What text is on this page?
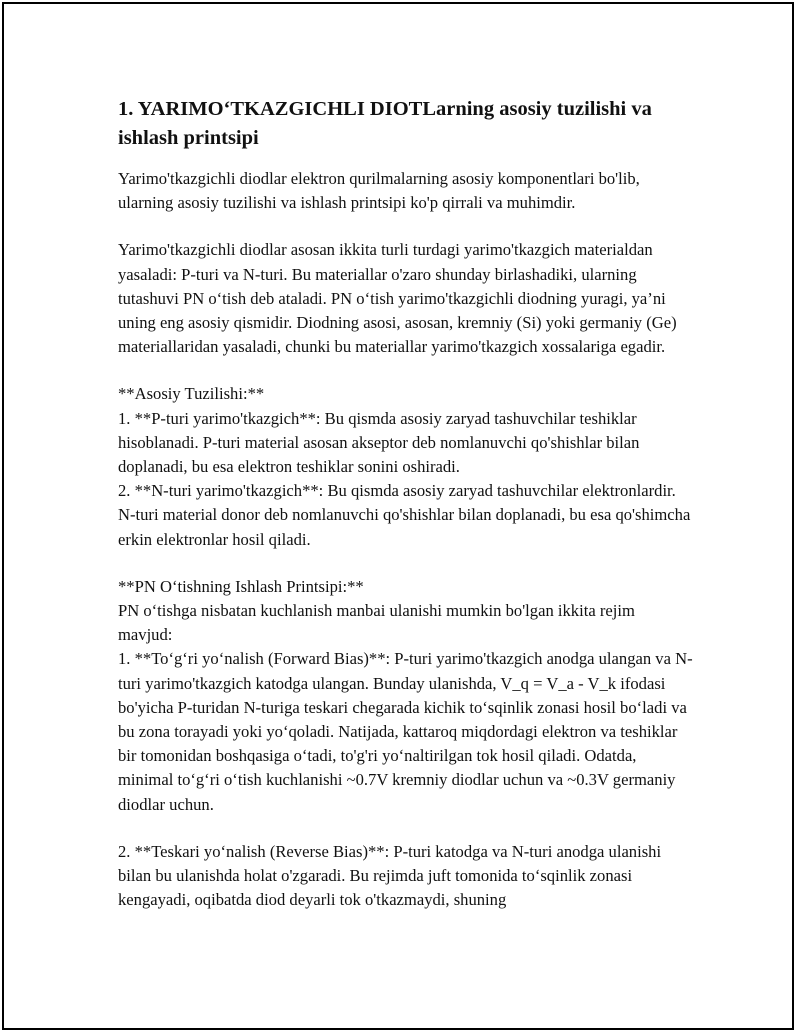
1. YARIMO‘TKAZGICHLI DIOTLarning asosiy tuzilishi va ishlash printsipi

Yarimo'tkazgichli diodlar elektron qurilmalarning asosiy komponentlari bo'lib, ularning asosiy tuzilishi va ishlash printsipi ko'p qirrali va muhimdir.

Yarimo'tkazgichli diodlar asosan ikkita turli turdagi yarimo'tkazgich materialdan yasaladi: P-turi va N-turi. Bu materiallar o'zaro shunday birlashadiki, ularning tutashuvi PN o‘tish deb ataladi. PN o‘tish yarimo'tkazgichli diodning yuragi, ya’ni uning eng asosiy qismidir. Diodning asosi, asosan, kremniy (Si) yoki germaniy (Ge) materiallaridan yasaladi, chunki bu materiallar yarimo'tkazgich xossalariga egadir.

**Asosiy Tuzilishi:**
1. **P-turi yarimo'tkazgich**: Bu qismda asosiy zaryad tashuvchilar teshiklar hisoblanadi. P-turi material asosan akseptor deb nomlanuvchi qo'shishlar bilan doplanadi, bu esa elektron teshiklar sonini oshiradi.
2. **N-turi yarimo'tkazgich**: Bu qismda asosiy zaryad tashuvchilar elektronlardir. N-turi material donor deb nomlanuvchi qo'shishlar bilan doplanadi, bu esa qo'shimcha erkin elektronlar hosil qiladi.

**PN O‘tishning Ishlash Printsipi:**
PN o‘tishga nisbatan kuchlanish manbai ulanishi mumkin bo'lgan ikkita rejim mavjud:
1. **To‘g‘ri yo‘nalish (Forward Bias)**: P-turi yarimo'tkazgich anodga ulangan va N-turi yarimo'tkazgich katodga ulangan. Bunday ulanishda, V_q = V_a - V_k ifodasi bo'yicha P-turidan N-turiga teskari chegarada kichik to‘sqinlik zonasi hosil bo‘ladi va bu zona torayadi yoki yo‘qoladi. Natijada, kattaroq miqdordagi elektron va teshiklar bir tomonidan boshqasiga o‘tadi, to'g'ri yo‘naltirilgan tok hosil qiladi. Odatda, minimal to‘g‘ri o‘tish kuchlanishi ~0.7V kremniy diodlar uchun va ~0.3V germaniy diodlar uchun.

2. **Teskari yo‘nalish (Reverse Bias)**: P-turi katodga va N-turi anodga ulanishi bilan bu ulanishda holat o'zgaradi. Bu rejimda juft tomonida to‘sqinlik zonasi kengayadi, oqibatda diod deyarli tok o'tkazmaydi, shuning
